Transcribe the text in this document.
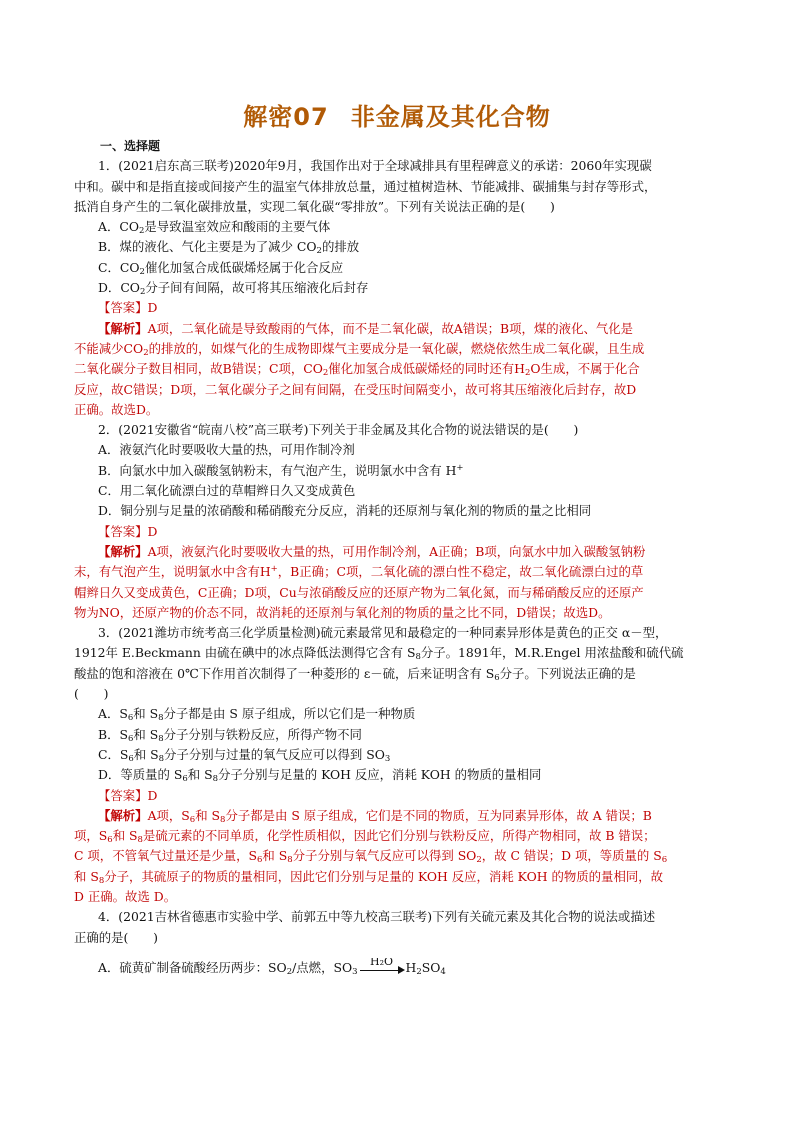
解密07 非金属及其化合物
一、选择题
1．(2021启东高三联考)2020年9月，我国作出对于全球减排具有里程碑意义的承诺：2060年实现碳
中和。碳中和是指直接或间接产生的温室气体排放总量，通过植树造林、节能减排、碳捕集与封存等形式，
抵消自身产生的二氧化碳排放量，实现二氧化碳“零排放”。下列有关说法正确的是(　　)
A．$CO_2$是导致温室效应和酸雨的主要气体
B．煤的液化、气化主要是为了减少 $CO_2$的排放
C．$CO_2$催化加氢合成低碳烯烃属于化合反应
D．$CO_2$分子间有间隔，故可将其压缩液化后封存
【答案】D
【解析】A项，二氧化硫是导致酸雨的气体，而不是二氧化碳，故A错误；B项，煤的液化、气化是
不能减少$CO_2$的排放的，如煤气化的生成物即煤气主要成分是一氧化碳，燃烧依然生成二氧化碳，且生成
二氧化碳分子数目相同，故B错误；C项，$CO_2$催化加氢合成低碳烯烃的同时还有$H_2O$生成，不属于化合
反应，故C错误；D项，二氧化碳分子之间有间隔，在受压时间隔变小，故可将其压缩液化后封存，故D
正确。故选D。
2．(2021安徽省“皖南八校”高三联考)下列关于非金属及其化合物的说法错误的是(　　)
A．液氨汽化时要吸收大量的热，可用作制冷剂
B．向氯水中加入碳酸氢钠粉末，有气泡产生，说明氯水中含有 H+
C．用二氧化硫漂白过的草帽辫日久又变成黄色
D．铜分别与足量的浓硝酸和稀硝酸充分反应，消耗的还原剂与氧化剂的物质的量之比相同
【答案】D
【解析】A项，液氨汽化时要吸收大量的热，可用作制冷剂，A正确；B项，向氯水中加入碳酸氢钠粉
末，有气泡产生，说明氯水中含有H+，B正确；C项，二氧化硫的漂白性不稳定，故二氧化硫漂白过的草
帽辫日久又变成黄色，C正确；D项，Cu与浓硝酸反应的还原产物为二氧化氮，而与稀硝酸反应的还原产
物为NO，还原产物的价态不同，故消耗的还原剂与氧化剂的物质的量之比不同，D错误；故选D。
3．(2021潍坊市统考高三化学质量检测)硫元素最常见和最稳定的一种同素异形体是黄色的正交 α－型，
1912年 E.Beckmann 由硫在碘中的冰点降低法测得它含有 $S_8$分子。1891年，M.R.Engel 用浓盐酸和硫代硫
酸盐的饱和溶液在 0℃下作用首次制得了一种菱形的 ε－硫，后来证明含有 $S_6$分子。下列说法正确的是
(　　)
A．$S_6$和 $S_8$分子都是由 S 原子组成，所以它们是一种物质
B．$S_6$和 $S_8$分子分别与铁粉反应，所得产物不同
C．$S_6$和 $S_8$分子分别与过量的氧气反应可以得到 $SO_3$
D．等质量的 $S_6$和 $S_8$分子分别与足量的 KOH 反应，消耗 KOH 的物质的量相同
【答案】D
【解析】A项，$S_6$和 $S_8$分子都是由 S 原子组成，它们是不同的物质，互为同素异形体，故 A 错误；B
项，$S_6$和 $S_8$是硫元素的不同单质，化学性质相似，因此它们分别与铁粉反应，所得产物相同，故 B 错误；
C 项，不管氧气过量还是少量，$S_6$和 $S_8$分子分别与氧气反应可以得到 $SO_2$，故 C 错误；D 项，等质量的 $S_6$
和 $S_8$分子，其硫原子的物质的量相同，因此它们分别与足量的 KOH 反应，消耗 KOH 的物质的量相同，故
D 正确。故选 D。
4．(2021吉林省德惠市实验中学、前郭五中等九校高三联考)下列有关硫元素及其化合物的说法或描述
正确的是(　　)
A．硫黄矿制备硫酸经历两步：$SO_2/$点燃，$SO_3$
H₂O	$H_2SO_4$
